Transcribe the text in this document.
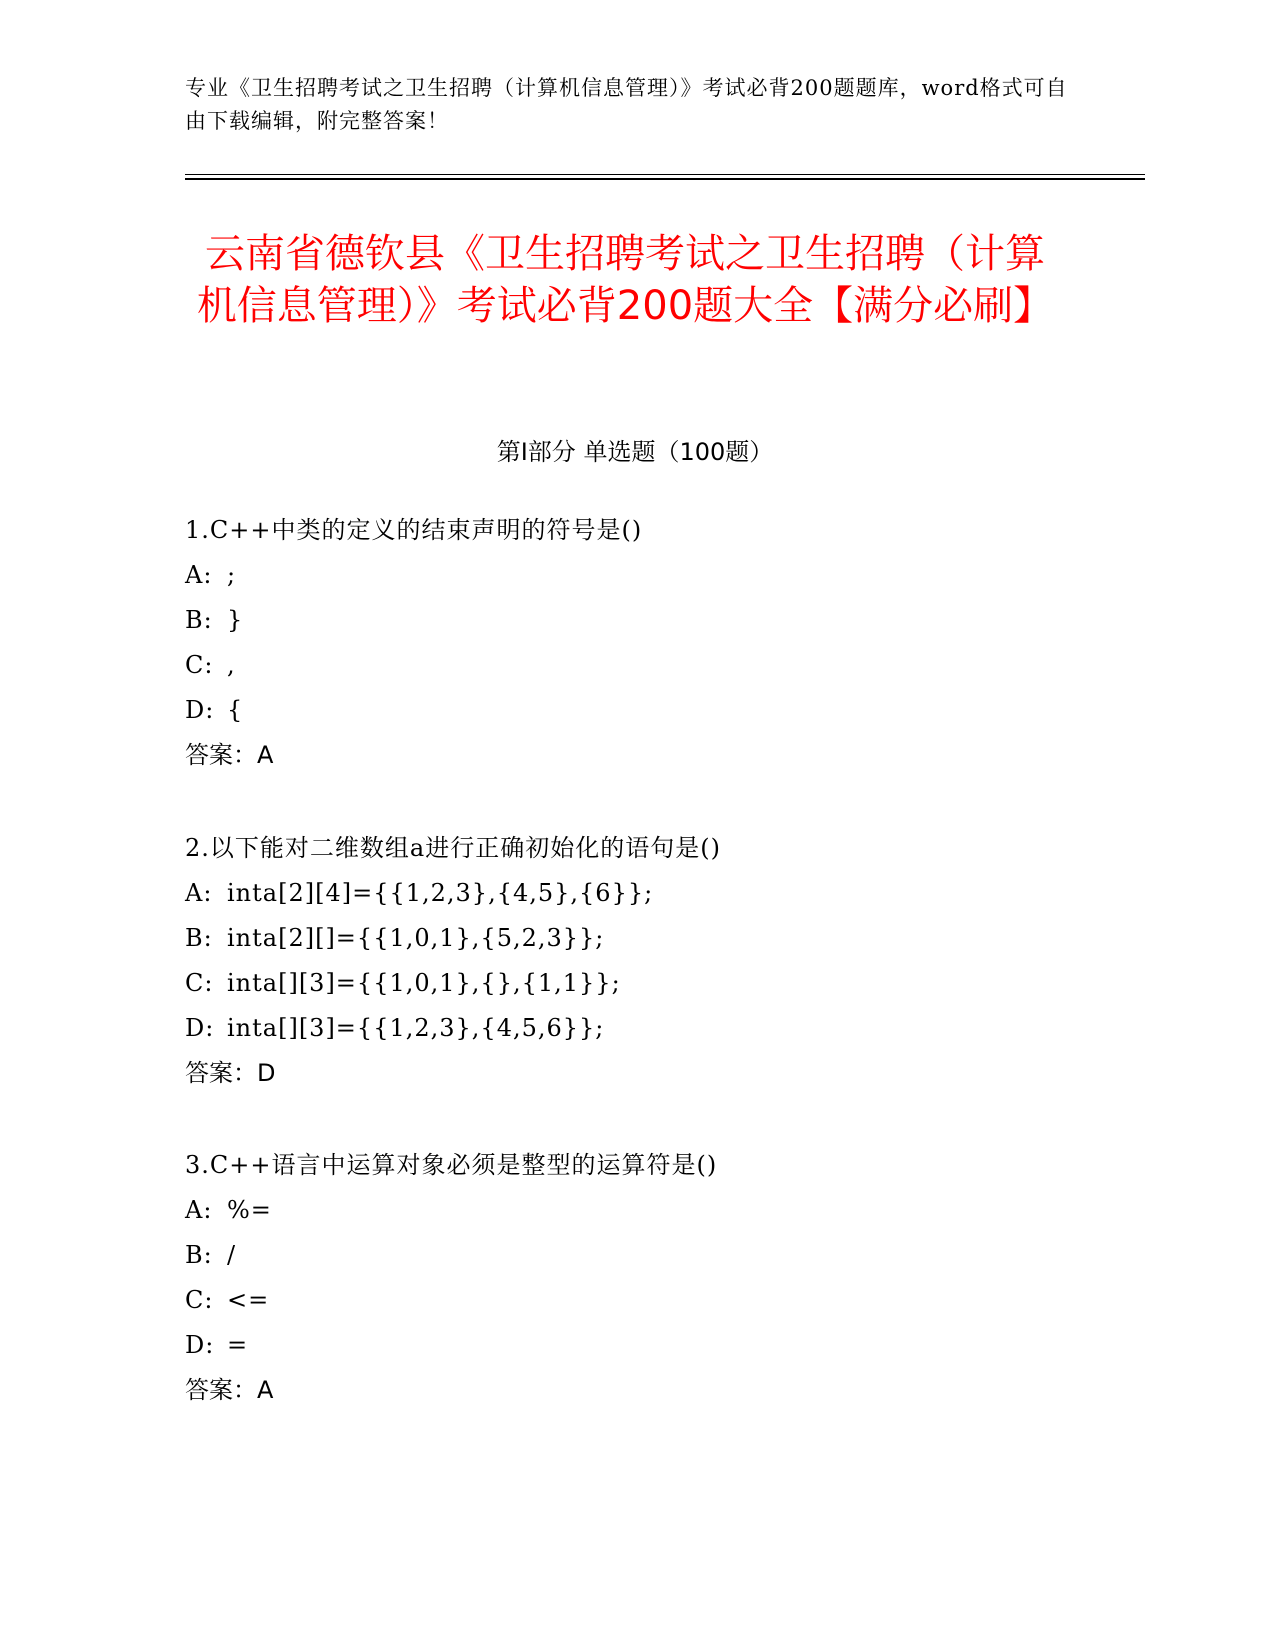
专业《卫生招聘考试之卫生招聘（计算机信息管理）》考试必背200题题库，word格式可自由下载编辑，附完整答案！
云南省德钦县《卫生招聘考试之卫生招聘（计算机信息管理）》考试必背200题大全【满分必刷】
第Ⅰ部分 单选题（100题）
1.C++中类的定义的结束声明的符号是()
A: ;
B: }
C: ,
D: {
答案：A
2.以下能对二维数组a进行正确初始化的语句是()
A: inta[2][4]={{1,2,3},{4,5},{6}};
B: inta[2][]={{1,0,1},{5,2,3}};
C: inta[][3]={{1,0,1},{},{1,1}};
D: inta[][3]={{1,2,3},{4,5,6}};
答案：D
3.C++语言中运算对象必须是整型的运算符是()
A: %=
B: /
C: <=
D: =
答案：A
